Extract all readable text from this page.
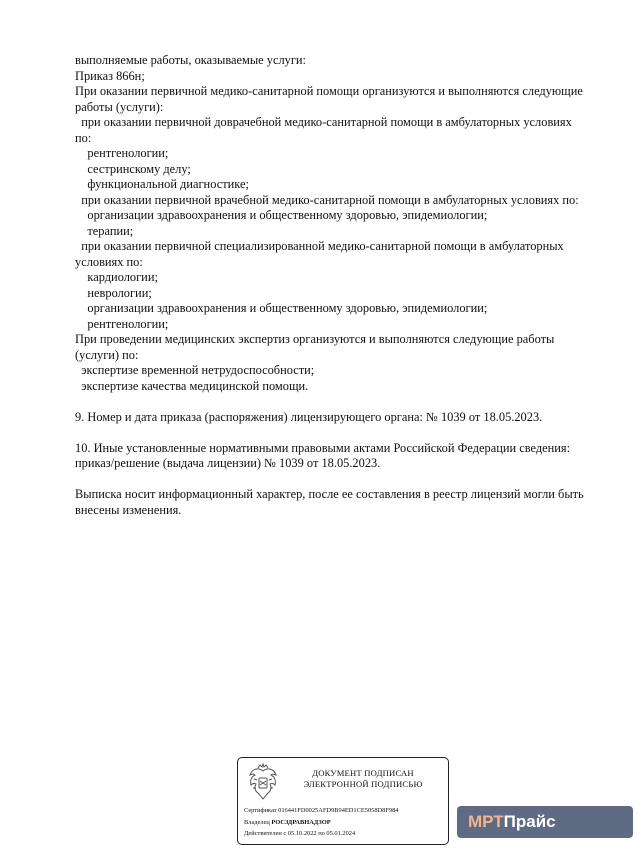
выполняемые работы, оказываемые услуги:
Приказ 866н;
При оказании первичной медико-санитарной помощи организуются и выполняются следующие
работы (услуги):
при оказании первичной доврачебной медико-санитарной помощи в амбулаторных условиях
по:
рентгенологии;
сестринскому делу;
функциональной диагностике;
при оказании первичной врачебной медико-санитарной помощи в амбулаторных условиях по:
организации здравоохранения и общественному здоровью, эпидемиологии;
терапии;
при оказании первичной специализированной медико-санитарной помощи в амбулаторных
условиях по:
кардиологии;
неврологии;
организации здравоохранения и общественному здоровью, эпидемиологии;
рентгенологии;
При проведении медицинских экспертиз организуются и выполняются следующие работы
(услуги) по:
экспертизе временной нетрудоспособности;
экспертизе качества медицинской помощи.
9. Номер и дата приказа (распоряжения) лицензирующего органа: № 1039 от 18.05.2023.
10. Иные установленные нормативными правовыми актами Российской Федерации сведения:
приказ/решение (выдача лицензии) № 1039 от 18.05.2023.
Выписка носит информационный характер, после ее составления в реестр лицензий могли быть
внесены изменения.
ДОКУМЕНТ ПОДПИСАН
ЭЛЕКТРОННОЙ ПОДПИСЬЮ
Сертификат 016441FD0025AFD9B94ED1CE5058D8F984
Владелец РОСЗДРАВНАДЗОР
Действителен с 05.10.2022 по 05.01.2024
МРТПрайс
